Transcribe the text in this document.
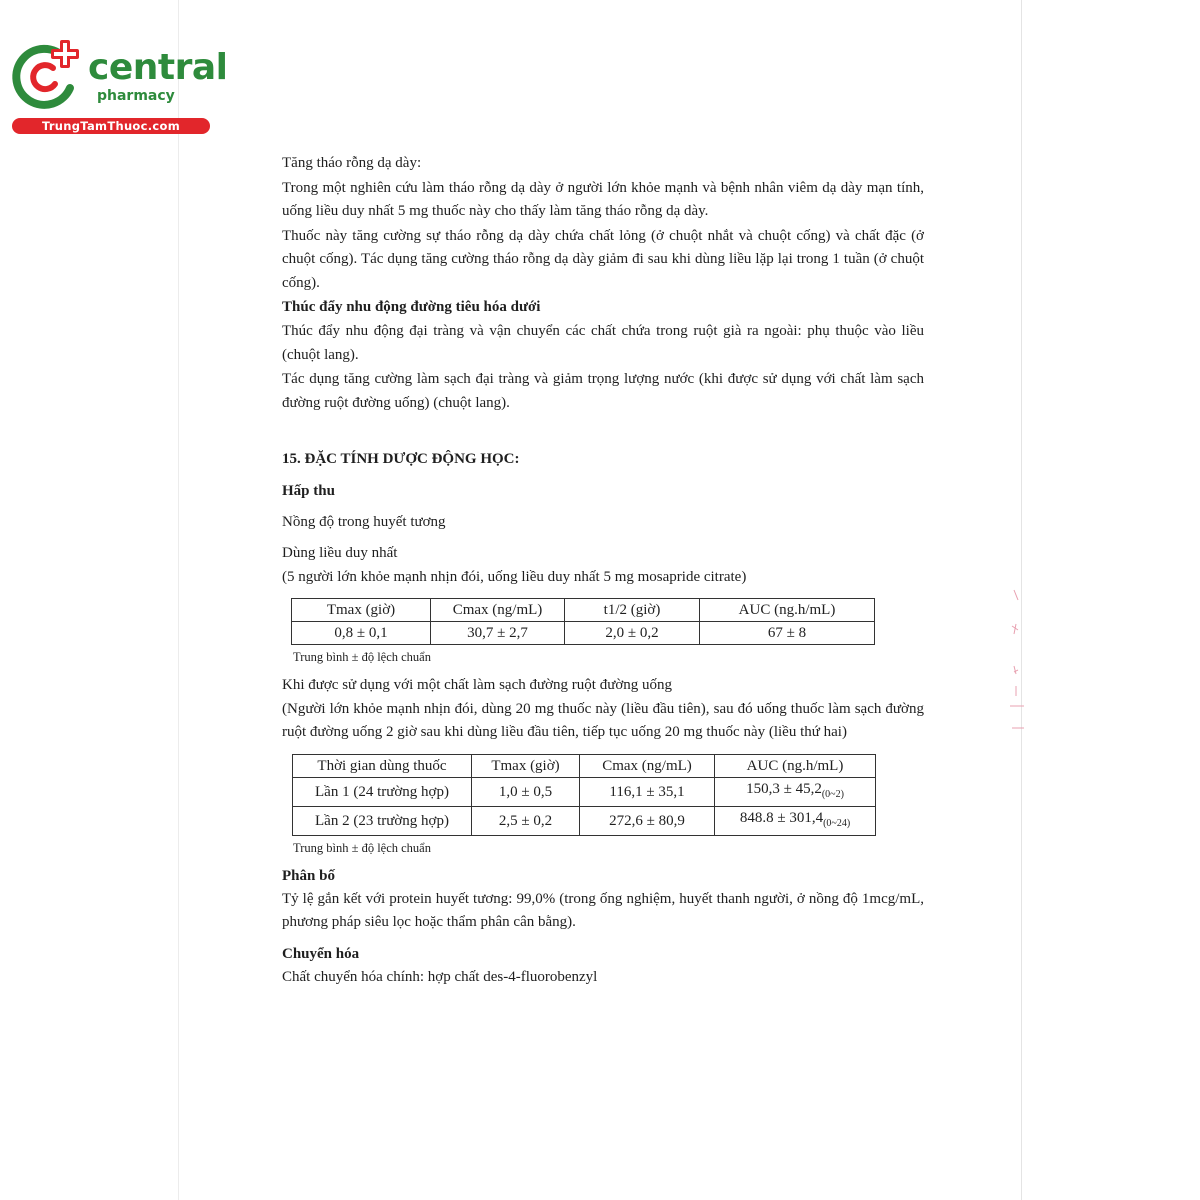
central
pharmacy
TrungTamThuoc.com

Tăng tháo rỗng dạ dày:

Trong một nghiên cứu làm tháo rỗng dạ dày ở người lớn khỏe mạnh và bệnh nhân viêm dạ dày mạn tính, uống liều duy nhất 5 mg thuốc này cho thấy làm tăng tháo rỗng dạ dày.

Thuốc này tăng cường sự tháo rỗng dạ dày chứa chất lỏng (ở chuột nhắt và chuột cống) và chất đặc (ở chuột cống). Tác dụng tăng cường tháo rỗng dạ dày giảm đi sau khi dùng liều lặp lại trong 1 tuần (ở chuột cống).

Thúc đẩy nhu động đường tiêu hóa dưới

Thúc đẩy nhu động đại tràng và vận chuyển các chất chứa trong ruột già ra ngoài: phụ thuộc vào liều (chuột lang).

Tác dụng tăng cường làm sạch đại tràng và giảm trọng lượng nước (khi được sử dụng với chất làm sạch đường ruột đường uống) (chuột lang).

15. ĐẶC TÍNH DƯỢC ĐỘNG HỌC:
Hấp thu

Nồng độ trong huyết tương

Dùng liều duy nhất

(5 người lớn khỏe mạnh nhịn đói, uống liều duy nhất 5 mg mosapride citrate)

Tmax (giờ)	Cmax (ng/mL)	t1/2 (giờ)	AUC (ng.h/mL)
0,8 ± 0,1	30,7 ± 2,7	2,0 ± 0,2	67 ± 8

Trung bình ± độ lệch chuẩn

Khi được sử dụng với một chất làm sạch đường ruột đường uống

(Người lớn khỏe mạnh nhịn đói, dùng 20 mg thuốc này (liều đầu tiên), sau đó uống thuốc làm sạch đường ruột đường uống 2 giờ sau khi dùng liều đầu tiên, tiếp tục uống 20 mg thuốc này (liều thứ hai)

Thời gian dùng thuốc	Tmax (giờ)	Cmax (ng/mL)	AUC (ng.h/mL)
Lần 1 (24 trường hợp)	1,0 ± 0,5	116,1 ± 35,1	$150,3 \pm 45,2_{(0\sim 2)}$
Lần 2 (23 trường hợp)	2,5 ± 0,2	272,6 ± 80,9	$848.8 \pm 301,4_{(0\sim 24)}$

Trung bình ± độ lệch chuẩn

Phân bố

Tỷ lệ gắn kết với protein huyết tương: 99,0% (trong ống nghiệm, huyết thanh người, ở nồng độ 1mcg/mL, phương pháp siêu lọc hoặc thẩm phân cân bằng).

Chuyển hóa

Chất chuyển hóa chính: hợp chất des-4-fluorobenzyl
